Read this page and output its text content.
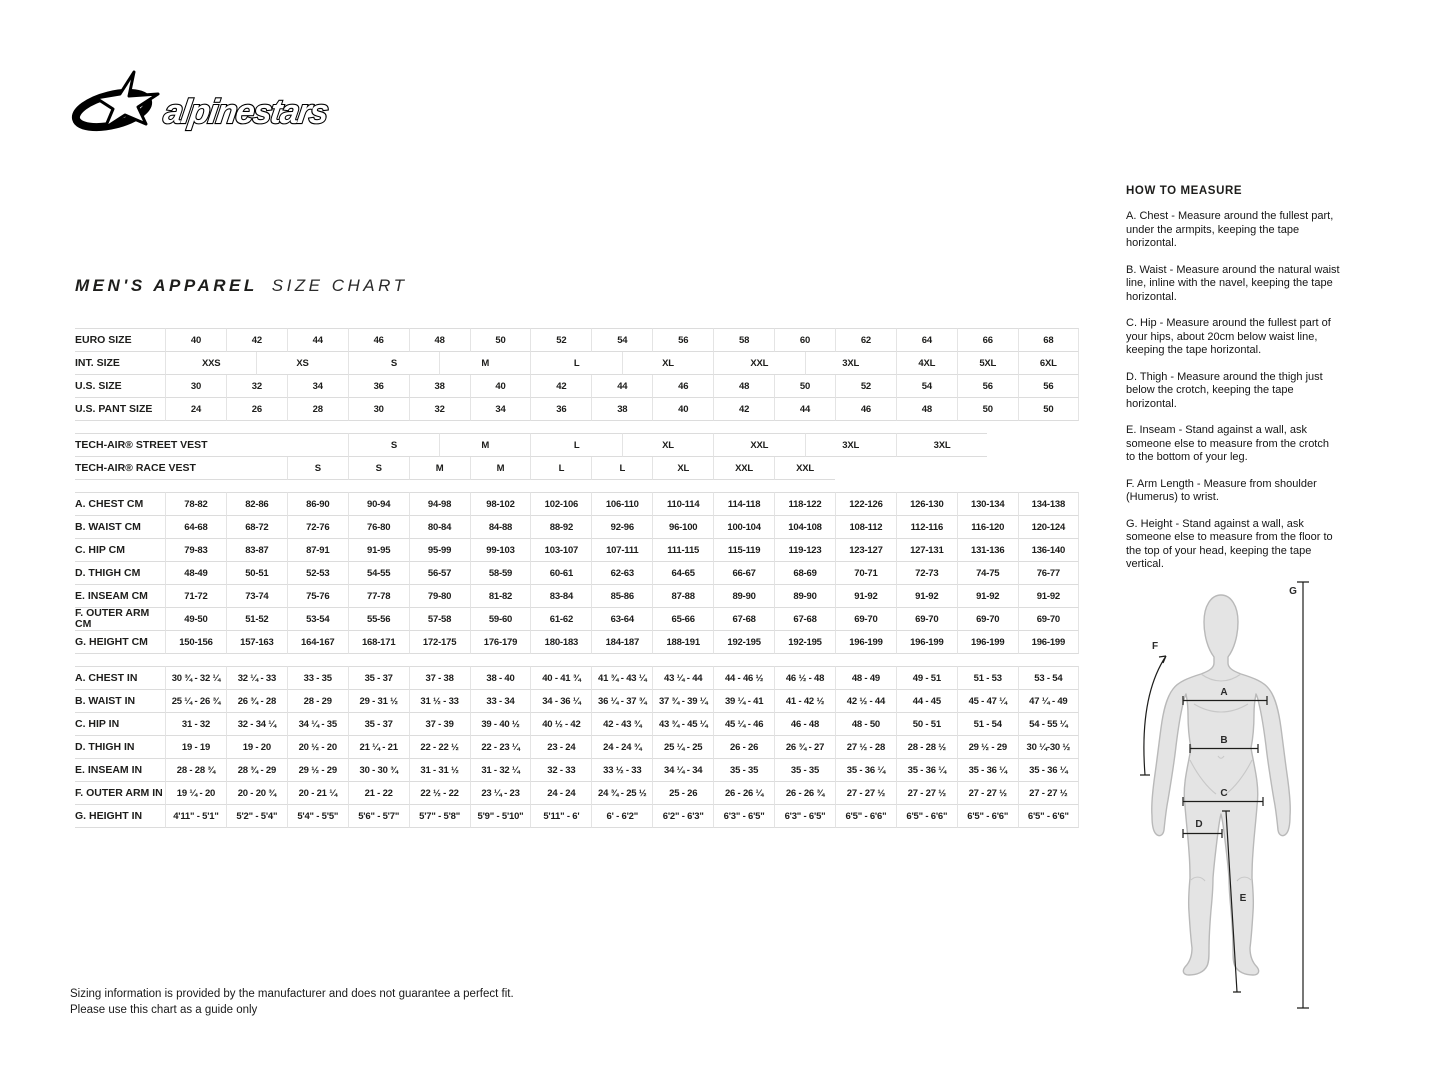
alpinestars
MEN'S APPAREL SIZE CHART
EURO SIZE	40	42		44	46	48		50	52	54		56	58	60		62	64	66		68
INT. SIZE	XXS		XS		S		M		L		XL		XXL		3XL		4XL	5XL		6XL
U.S. SIZE	30	32		34	36	38		40	42	44		46	48	50		52	54	56		56
U.S. PANT SIZE	24	26		28	30	32		34	36	38		40	42	44		46	48	50		50

TECH-AIR® STREET VEST					S		M		L		XL		XXL		3XL		3XL			
TECH-AIR® RACE VEST				S	S	M		M	L	L		XL	XXL	XXL						

A. CHEST CM	78-82	82-86		86-90	90-94	94-98		98-102	102-106	106-110		110-114	114-118	118-122		122-126	126-130	130-134		134-138
B. WAIST CM	64-68	68-72		72-76	76-80	80-84		84-88	88-92	92-96		96-100	100-104	104-108		108-112	112-116	116-120		120-124
C. HIP CM	79-83	83-87		87-91	91-95	95-99		99-103	103-107	107-111		111-115	115-119	119-123		123-127	127-131	131-136		136-140
D. THIGH CM	48-49	50-51		52-53	54-55	56-57		58-59	60-61	62-63		64-65	66-67	68-69		70-71	72-73	74-75		76-77
E. INSEAM CM	71-72	73-74		75-76	77-78	79-80		81-82	83-84	85-86		87-88	89-90	89-90		91-92	91-92	91-92		91-92
F. OUTER ARM CM	49-50	51-52		53-54	55-56	57-58		59-60	61-62	63-64		65-66	67-68	67-68		69-70	69-70	69-70		69-70
G. HEIGHT CM	150-156	157-163		164-167	168-171	172-175		176-179	180-183	184-187		188-191	192-195	192-195		196-199	196-199	196-199		196-199

A. CHEST IN	30 ¾ - 32 ¼	32 ¼ - 33		33 - 35	35 - 37	37 - 38		38 - 40	40 - 41 ¾	41 ¾ - 43 ¼		43 ¼ - 44	44 - 46 ½	46 ½ - 48		48 - 49	49 - 51	51 - 53		53 - 54
B. WAIST IN	25 ¼ - 26 ¾	26 ¾ - 28		28 - 29	29 - 31 ½	31 ½ - 33		33 - 34	34 - 36 ¼	36 ¼ - 37 ¾		37 ¾ - 39 ¼	39 ¼ - 41	41 - 42 ½		42 ½ - 44	44 - 45	45 - 47 ¼		47 ¼ - 49
C. HIP IN	31 - 32	32 - 34 ¼		34 ¼ - 35	35 - 37	37 - 39		39 - 40 ½	40 ½ - 42	42 - 43 ¾		43 ¾ - 45 ¼	45 ¼ - 46	46 - 48		48 - 50	50 - 51	51 - 54		54 - 55 ¼
D. THIGH IN	19 - 19	19 - 20		20 ½ - 20	21 ¼ - 21	22 - 22 ½		22 - 23 ¼	23 - 24	24 - 24 ¾		25 ¼ - 25	26 - 26	26 ¾ - 27		27 ½ - 28	28 - 28 ½	29 ½ - 29		30 ¼-30 ½
E. INSEAM IN	28 - 28 ¾	28 ¾ - 29		29 ½ - 29	30 - 30 ¾	31 - 31 ½		31 - 32 ¼	32 - 33	33 ½ - 33		34 ¼ - 34	35 - 35	35 - 35		35 - 36 ¼	35 - 36 ¼	35 - 36 ¼		35 - 36 ¼
F. OUTER ARM IN	19 ¼ - 20	20 - 20 ¾		20 - 21 ¼	21 - 22	22 ½ - 22		23 ¼ - 23	24 - 24	24 ¾ - 25 ½		25 - 26	26 - 26 ¼	26 - 26 ¾		27 - 27 ½	27 - 27 ½	27 - 27 ½		27 - 27 ½
G. HEIGHT IN	4'11" - 5'1"	5'2" - 5'4"		5'4" - 5'5"	5'6" - 5'7"	5'7" - 5'8"		5'9" - 5'10"	5'11" - 6'	6' - 6'2"		6'2" - 6'3"	6'3" - 6'5"	6'3" - 6'5"		6'5" - 6'6"	6'5" - 6'6"	6'5" - 6'6"		6'5" - 6'6"
HOW TO MEASURE

A. Chest - Measure around the fullest part, under the armpits, keeping the tape horizontal.

B. Waist - Measure around the natural waist line, inline with the navel, keeping the tape horizontal.

C. Hip - Measure around the fullest part of your hips, about 20cm below waist line, keeping the tape horizontal.

D. Thigh - Measure around the thigh just below the crotch, keeping the tape horizontal.

E. Inseam - Stand against a wall, ask someone else to measure from the crotch to the bottom of your leg.

F. Arm Length - Measure from shoulder (Humerus) to wrist.

G. Height - Stand against a wall, ask someone else to measure from the floor to the top of your head, keeping the tape vertical.

A
B
C
D
E
F
G
Sizing information is provided by the manufacturer and does not guarantee a perfect fit.
Please use this chart as a guide only
